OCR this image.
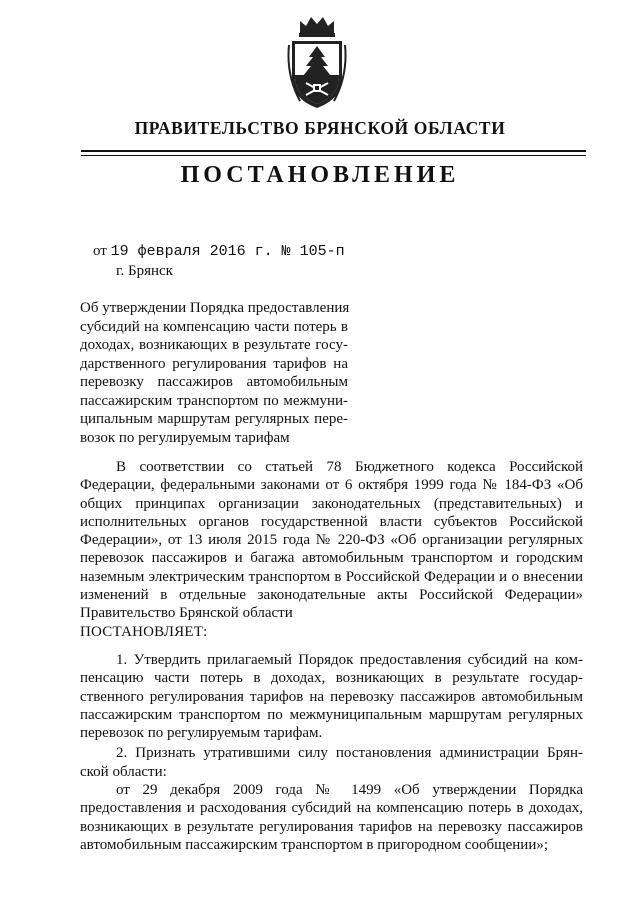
ПРАВИТЕЛЬСТВО БРЯНСКОЙ ОБЛАСТИ
ПОСТАНОВЛЕНИЕ
от 19 февраля 2016 г. № 105-п
г. Брянск
Об утверждении Порядка предоставления
субсидий на компенсацию части потерь в
доходах, возникающих в результате госу-
дарственного регулирования тарифов на
перевозку пассажиров автомобильным
пассажирским транспортом по межмуни-
ципальным маршрутам регулярных пере-
возок по регулируемым тарифам
В соответствии со статьей 78 Бюджетного кодекса Российской
Федерации, федеральными законами от 6 октября 1999 года № 184-ФЗ «Об
общих принципах организации законодательных (представительных) и
исполнительных органов государственной власти субъектов Российской
Федерации», от 13 июля 2015 года № 220-ФЗ «Об организации регулярных
перевозок пассажиров и багажа автомобильным транспортом и городским
наземным электрическим транспортом в Российской Федерации и о внесении
изменений в отдельные законодательные акты Российской Федерации»
Правительство Брянской области
ПОСТАНОВЛЯЕТ:
1. Утвердить прилагаемый Порядок предоставления субсидий на ком-
пенсацию части потерь в доходах, возникающих в результате государ-
ственного регулирования тарифов на перевозку пассажиров автомобильным
пассажирским транспортом по межмуниципальным маршрутам регулярных
перевозок по регулируемым тарифам.
2. Признать утратившими силу постановления администрации Брян-
ской области:
от 29 декабря 2009 года № 1499 «Об утверждении Порядка
предоставления и расходования субсидий на компенсацию потерь в доходах,
возникающих в результате регулирования тарифов на перевозку пассажиров
автомобильным пассажирским транспортом в пригородном сообщении»;
